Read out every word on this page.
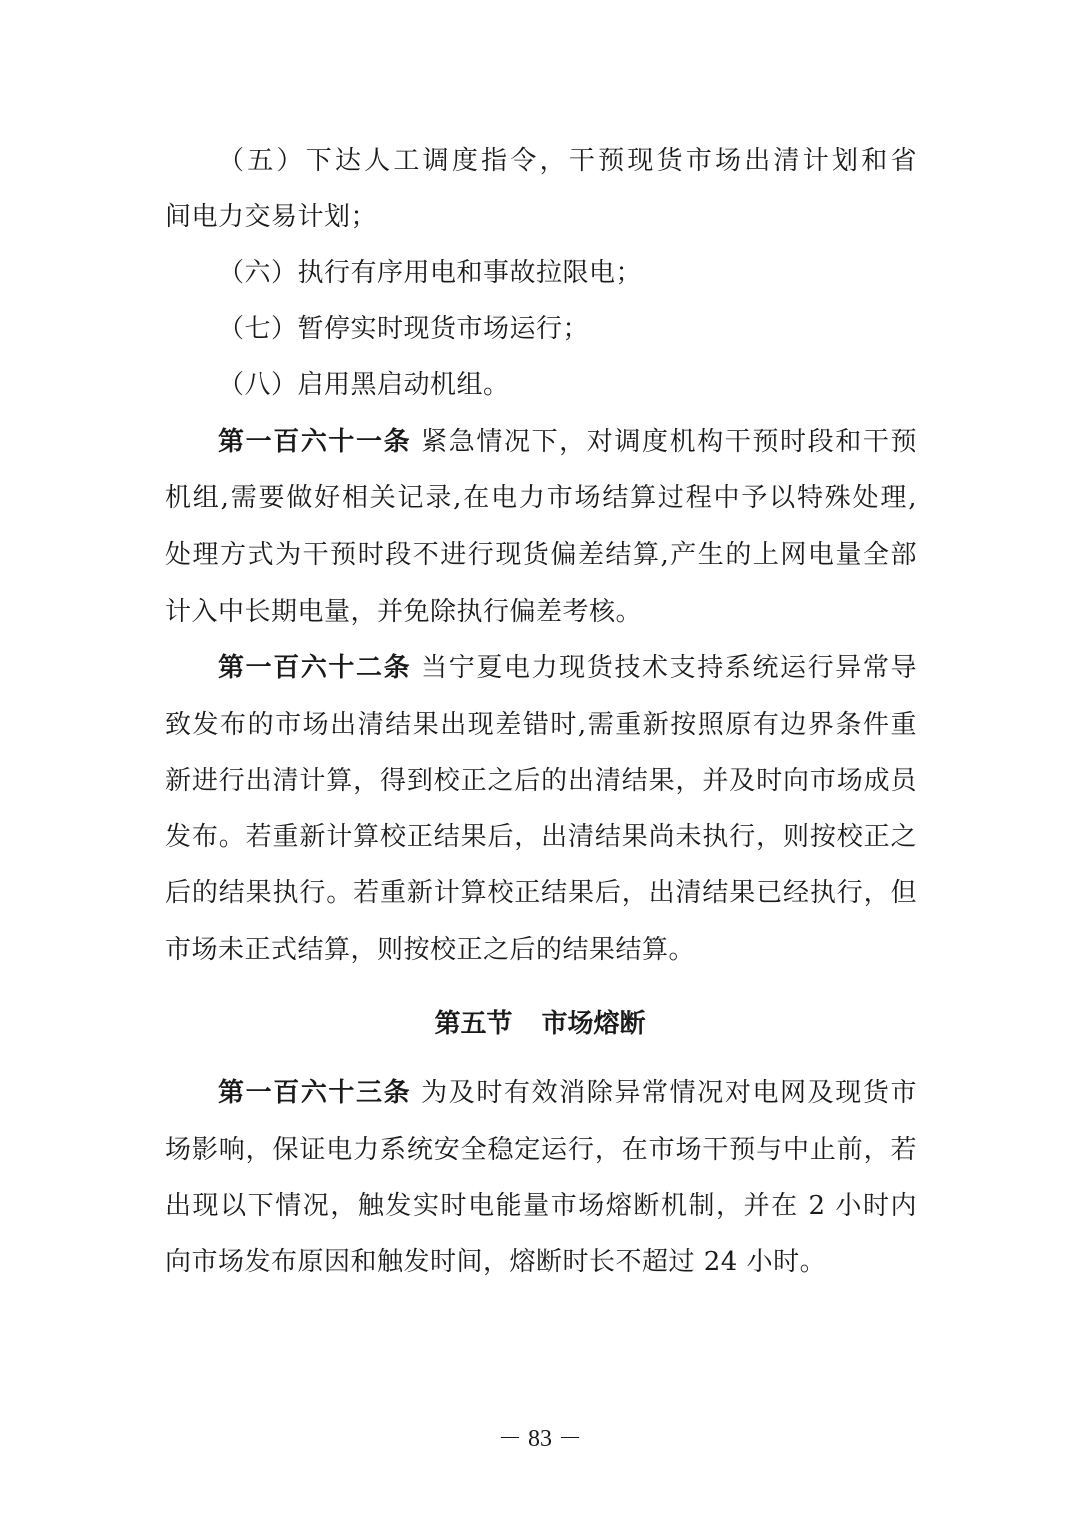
（五）下达人工调度指令，干预现货市场出清计划和省
间电力交易计划；
（六）执行有序用电和事故拉限电；
（七）暂停实时现货市场运行；
（八）启用黑启动机组。
第一百六十一条 紧急情况下，对调度机构干预时段和干预
机组,需要做好相关记录,在电力市场结算过程中予以特殊处理,
处理方式为干预时段不进行现货偏差结算,产生的上网电量全部
计入中长期电量，并免除执行偏差考核。
第一百六十二条 当宁夏电力现货技术支持系统运行异常导
致发布的市场出清结果出现差错时,需重新按照原有边界条件重
新进行出清计算，得到校正之后的出清结果，并及时向市场成员
发布。若重新计算校正结果后，出清结果尚未执行，则按校正之
后的结果执行。若重新计算校正结果后，出清结果已经执行，但
市场未正式结算，则按校正之后的结果结算。
第五节 市场熔断
第一百六十三条 为及时有效消除异常情况对电网及现货市
场影响，保证电力系统安全稳定运行，在市场干预与中止前，若
出现以下情况，触发实时电能量市场熔断机制，并在 2 小时内
向市场发布原因和触发时间，熔断时长不超过 24 小时。
－ 83 －
